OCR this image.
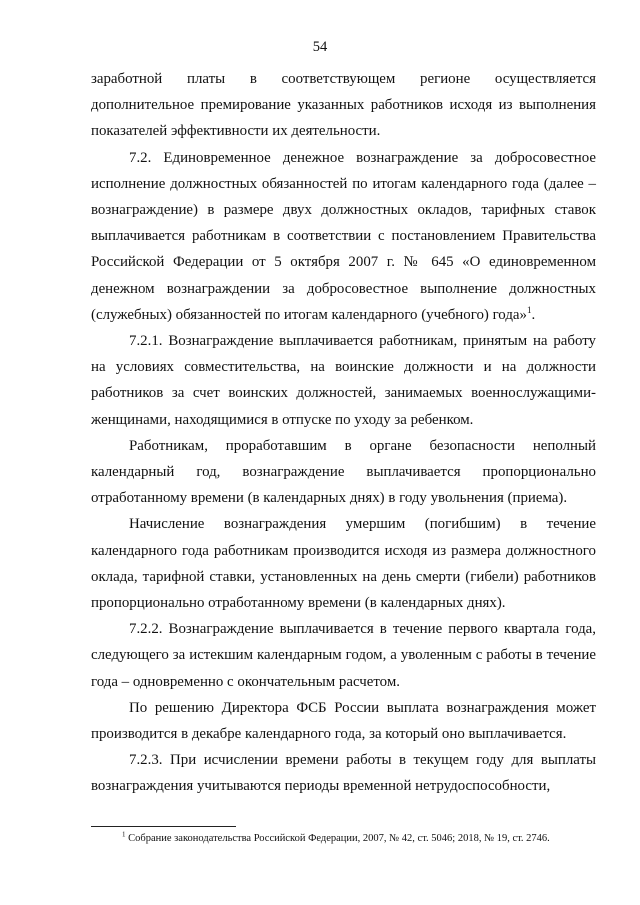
54

заработной платы в соответствующем регионе осуществляется дополнительное премирование указанных работников исходя из выполнения показателей эффективности их деятельности.

7.2. Единовременное денежное вознаграждение за добросовестное исполнение должностных обязанностей по итогам календарного года (далее – вознаграждение) в размере двух должностных окладов, тарифных ставок выплачивается работникам в соответствии с постановлением Правительства Российской Федерации от 5 октября 2007 г. № 645 «О единовременном денежном вознаграждении за добросовестное выполнение должностных (служебных) обязанностей по итогам календарного (учебного) года»$^1$.

7.2.1. Вознаграждение выплачивается работникам, принятым на работу на условиях совместительства, на воинские должности и на должности работников за счет воинских должностей, занимаемых военнослужащими-женщинами, находящимися в отпуске по уходу за ребенком.

Работникам, проработавшим в органе безопасности неполный календарный год, вознаграждение выплачивается пропорционально отработанному времени (в календарных днях) в году увольнения (приема).

Начисление вознаграждения умершим (погибшим) в течение календарного года работникам производится исходя из размера должностного оклада, тарифной ставки, установленных на день смерти (гибели) работников пропорционально отработанному времени (в календарных днях).

7.2.2. Вознаграждение выплачивается в течение первого квартала года, следующего за истекшим календарным годом, а уволенным с работы в течение года – одновременно с окончательным расчетом.

По решению Директора ФСБ России выплата вознаграждения может производится в декабре календарного года, за который оно выплачивается.

7.2.3. При исчислении времени работы в текущем году для выплаты вознаграждения учитываются периоды временной нетрудоспособности,

$^1$ Собрание законодательства Российской Федерации, 2007, № 42, ст. 5046; 2018, № 19, ст. 2746.
